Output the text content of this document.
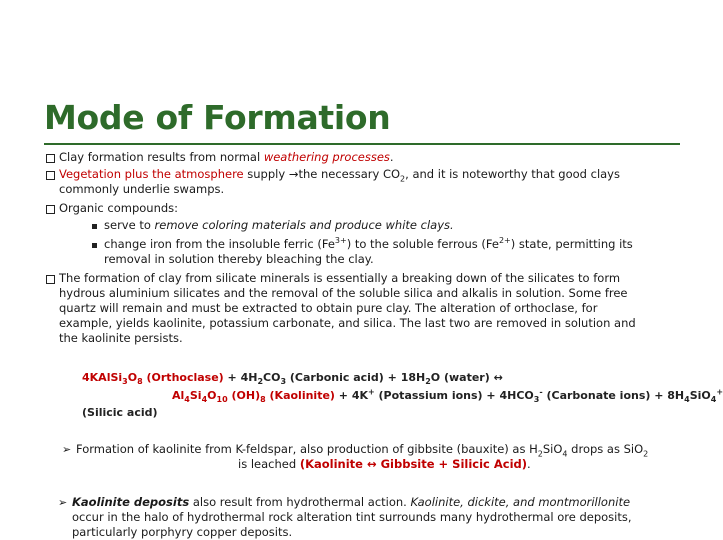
Mode of Formation
Clay formation results from normal weathering processes.
Vegetation plus the atmosphere supply →the necessary $CO_2$, and it is noteworthy that good clays
commonly underlie swamps.
Organic compounds:
serve to remove coloring materials and produce white clays.
change iron from the insoluble ferric $(Fe^{3+})$ to the soluble ferrous $(Fe^{2+})$ state, permitting its
removal in solution thereby bleaching the clay.
The formation of clay from silicate minerals is essentially a breaking down of the silicates to form
hydrous aluminium silicates and the removal of the soluble silica and alkalis in solution. Some free
quartz will remain and must be extracted to obtain pure clay. The alteration of orthoclase, for
example, yields kaolinite, potassium carbonate, and silica. The last two are removed in solution and
the kaolinite persists.
$4KAlSi_3O_8$ (Orthoclase) + $4H_2CO_3$ (Carbonic acid) + $18H_2O$ (water) ↔
$Al_4Si_4O_{10}$ $(OH)_8$ (Kaolinite) + 4K+ (Potassium ions) + $4HCO_3^-$ (Carbonate ions) + $8H_4SiO_4^+$
(Silicic acid)
➢ Formation of kaolinite from K-feldspar, also production of gibbsite (bauxite) as $H_2SiO_4$ drops as SiO$_2$
is leached (Kaolinite ↔ Gibbsite + Silicic Acid).
➢ Kaolinite deposits also result from hydrothermal action. Kaolinite, dickite, and montmorillonite
occur in the halo of hydrothermal rock alteration tint surrounds many hydrothermal ore deposits,
particularly porphyry copper deposits.
